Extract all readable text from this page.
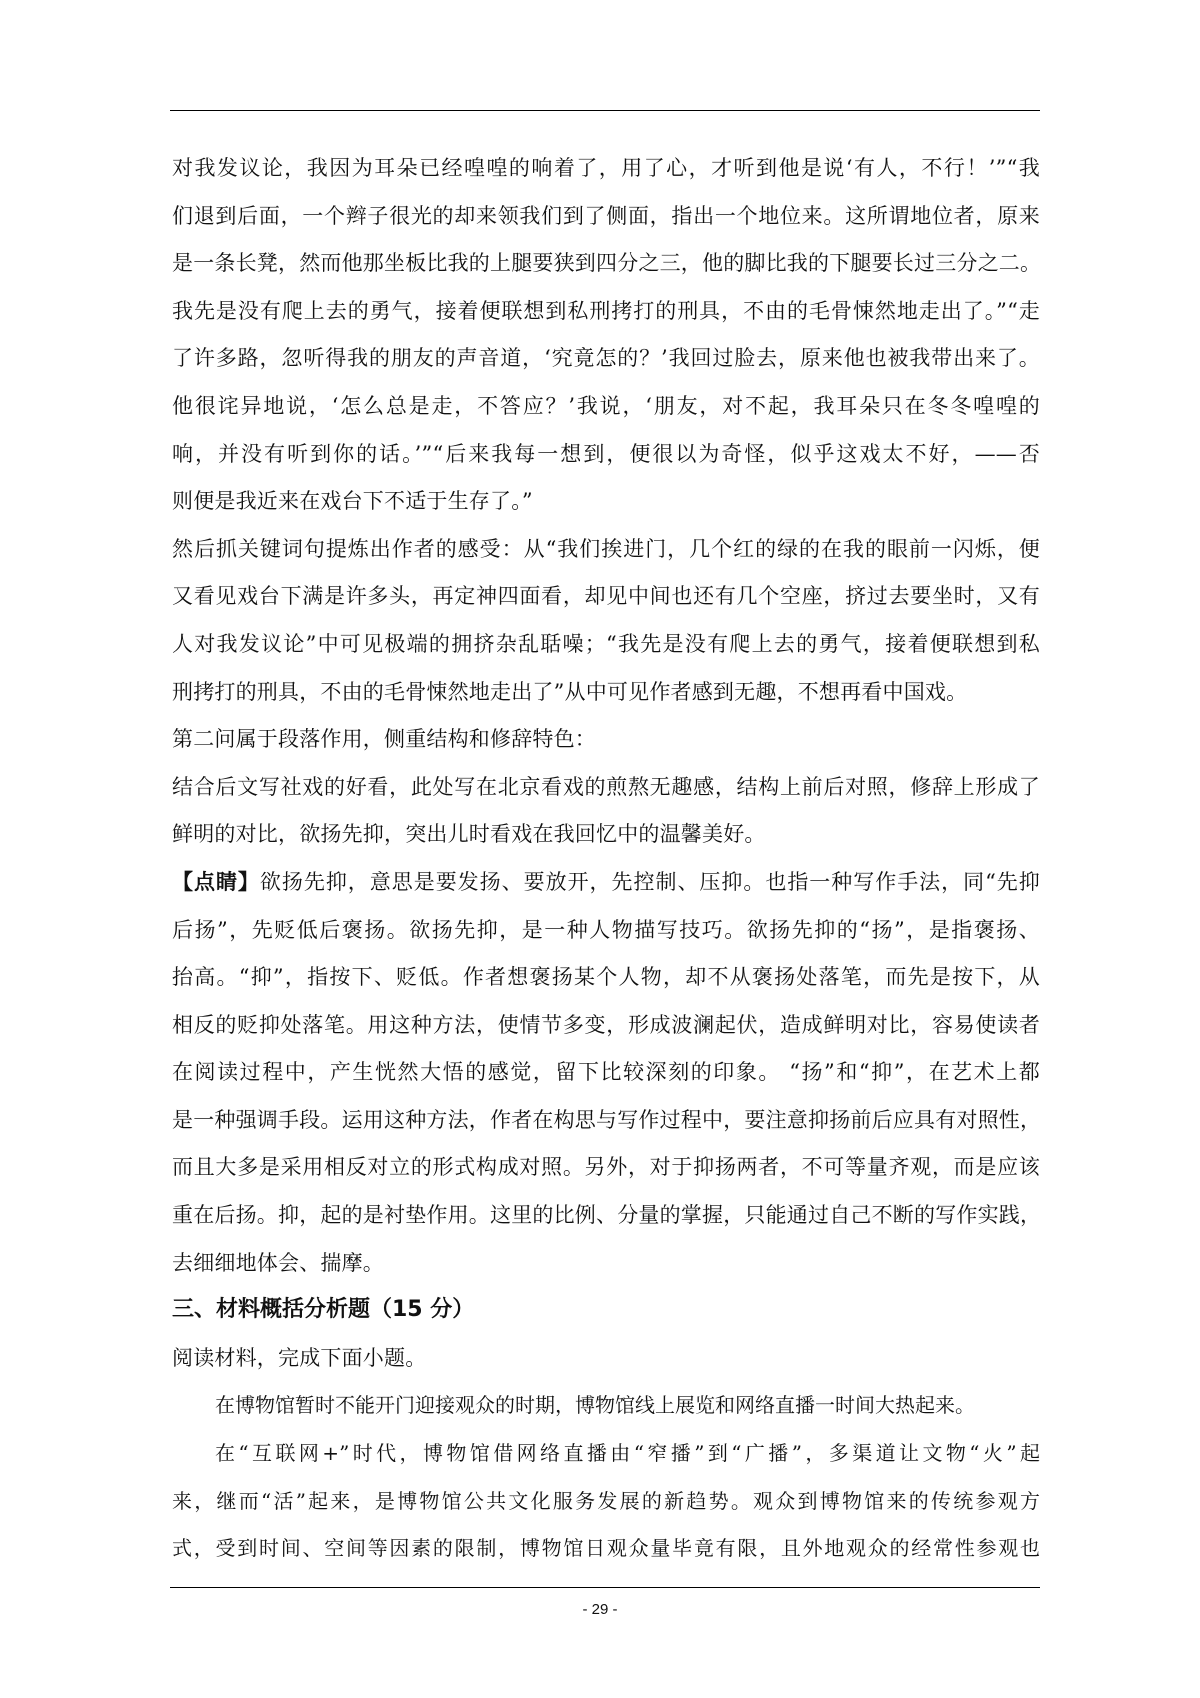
对我发议论，我因为耳朵已经喤喤的响着了，用了心，才听到他是说‘有人，不行！’”“我
们退到后面，一个辫子很光的却来领我们到了侧面，指出一个地位来。这所谓地位者，原来
是一条长凳，然而他那坐板比我的上腿要狭到四分之三，他的脚比我的下腿要长过三分之二。
我先是没有爬上去的勇气，接着便联想到私刑拷打的刑具，不由的毛骨悚然地走出了。”“走
了许多路，忽听得我的朋友的声音道，‘究竟怎的？’我回过脸去，原来他也被我带出来了。
他很诧异地说，‘怎么总是走，不答应？’我说，‘朋友，对不起，我耳朵只在冬冬喤喤的
响，并没有听到你的话。’”“后来我每一想到，便很以为奇怪，似乎这戏太不好，——否
则便是我近来在戏台下不适于生存了。”
然后抓关键词句提炼出作者的感受：从“我们挨进门，几个红的绿的在我的眼前一闪烁，便
又看见戏台下满是许多头，再定神四面看，却见中间也还有几个空座，挤过去要坐时，又有
人对我发议论”中可见极端的拥挤杂乱聒噪；“我先是没有爬上去的勇气，接着便联想到私
刑拷打的刑具，不由的毛骨悚然地走出了”从中可见作者感到无趣，不想再看中国戏。
第二问属于段落作用，侧重结构和修辞特色：
结合后文写社戏的好看，此处写在北京看戏的煎熬无趣感，结构上前后对照，修辞上形成了
鲜明的对比，欲扬先抑，突出儿时看戏在我回忆中的温馨美好。
【点睛】欲扬先抑，意思是要发扬、要放开，先控制、压抑。也指一种写作手法，同“先抑
后扬”，先贬低后褒扬。欲扬先抑，是一种人物描写技巧。欲扬先抑的“扬”，是指褒扬、
抬高。“抑”，指按下、贬低。作者想褒扬某个人物，却不从褒扬处落笔，而先是按下，从
相反的贬抑处落笔。用这种方法，使情节多变，形成波澜起伏，造成鲜明对比，容易使读者
在阅读过程中，产生恍然大悟的感觉，留下比较深刻的印象。 “扬”和“抑”，在艺术上都
是一种强调手段。运用这种方法，作者在构思与写作过程中，要注意抑扬前后应具有对照性，
而且大多是采用相反对立的形式构成对照。另外，对于抑扬两者，不可等量齐观，而是应该
重在后扬。抑，起的是衬垫作用。这里的比例、分量的掌握，只能通过自己不断的写作实践，
去细细地体会、揣摩。
三、材料概括分析题（15 分）
阅读材料，完成下面小题。
在博物馆暂时不能开门迎接观众的时期，博物馆线上展览和网络直播一时间大热起来。
在“互联网+”时代，博物馆借网络直播由“窄播”到“广播”，多渠道让文物“火”起
来，继而“活”起来，是博物馆公共文化服务发展的新趋势。观众到博物馆来的传统参观方
式，受到时间、空间等因素的限制，博物馆日观众量毕竟有限，且外地观众的经常性参观也
- 29 -
